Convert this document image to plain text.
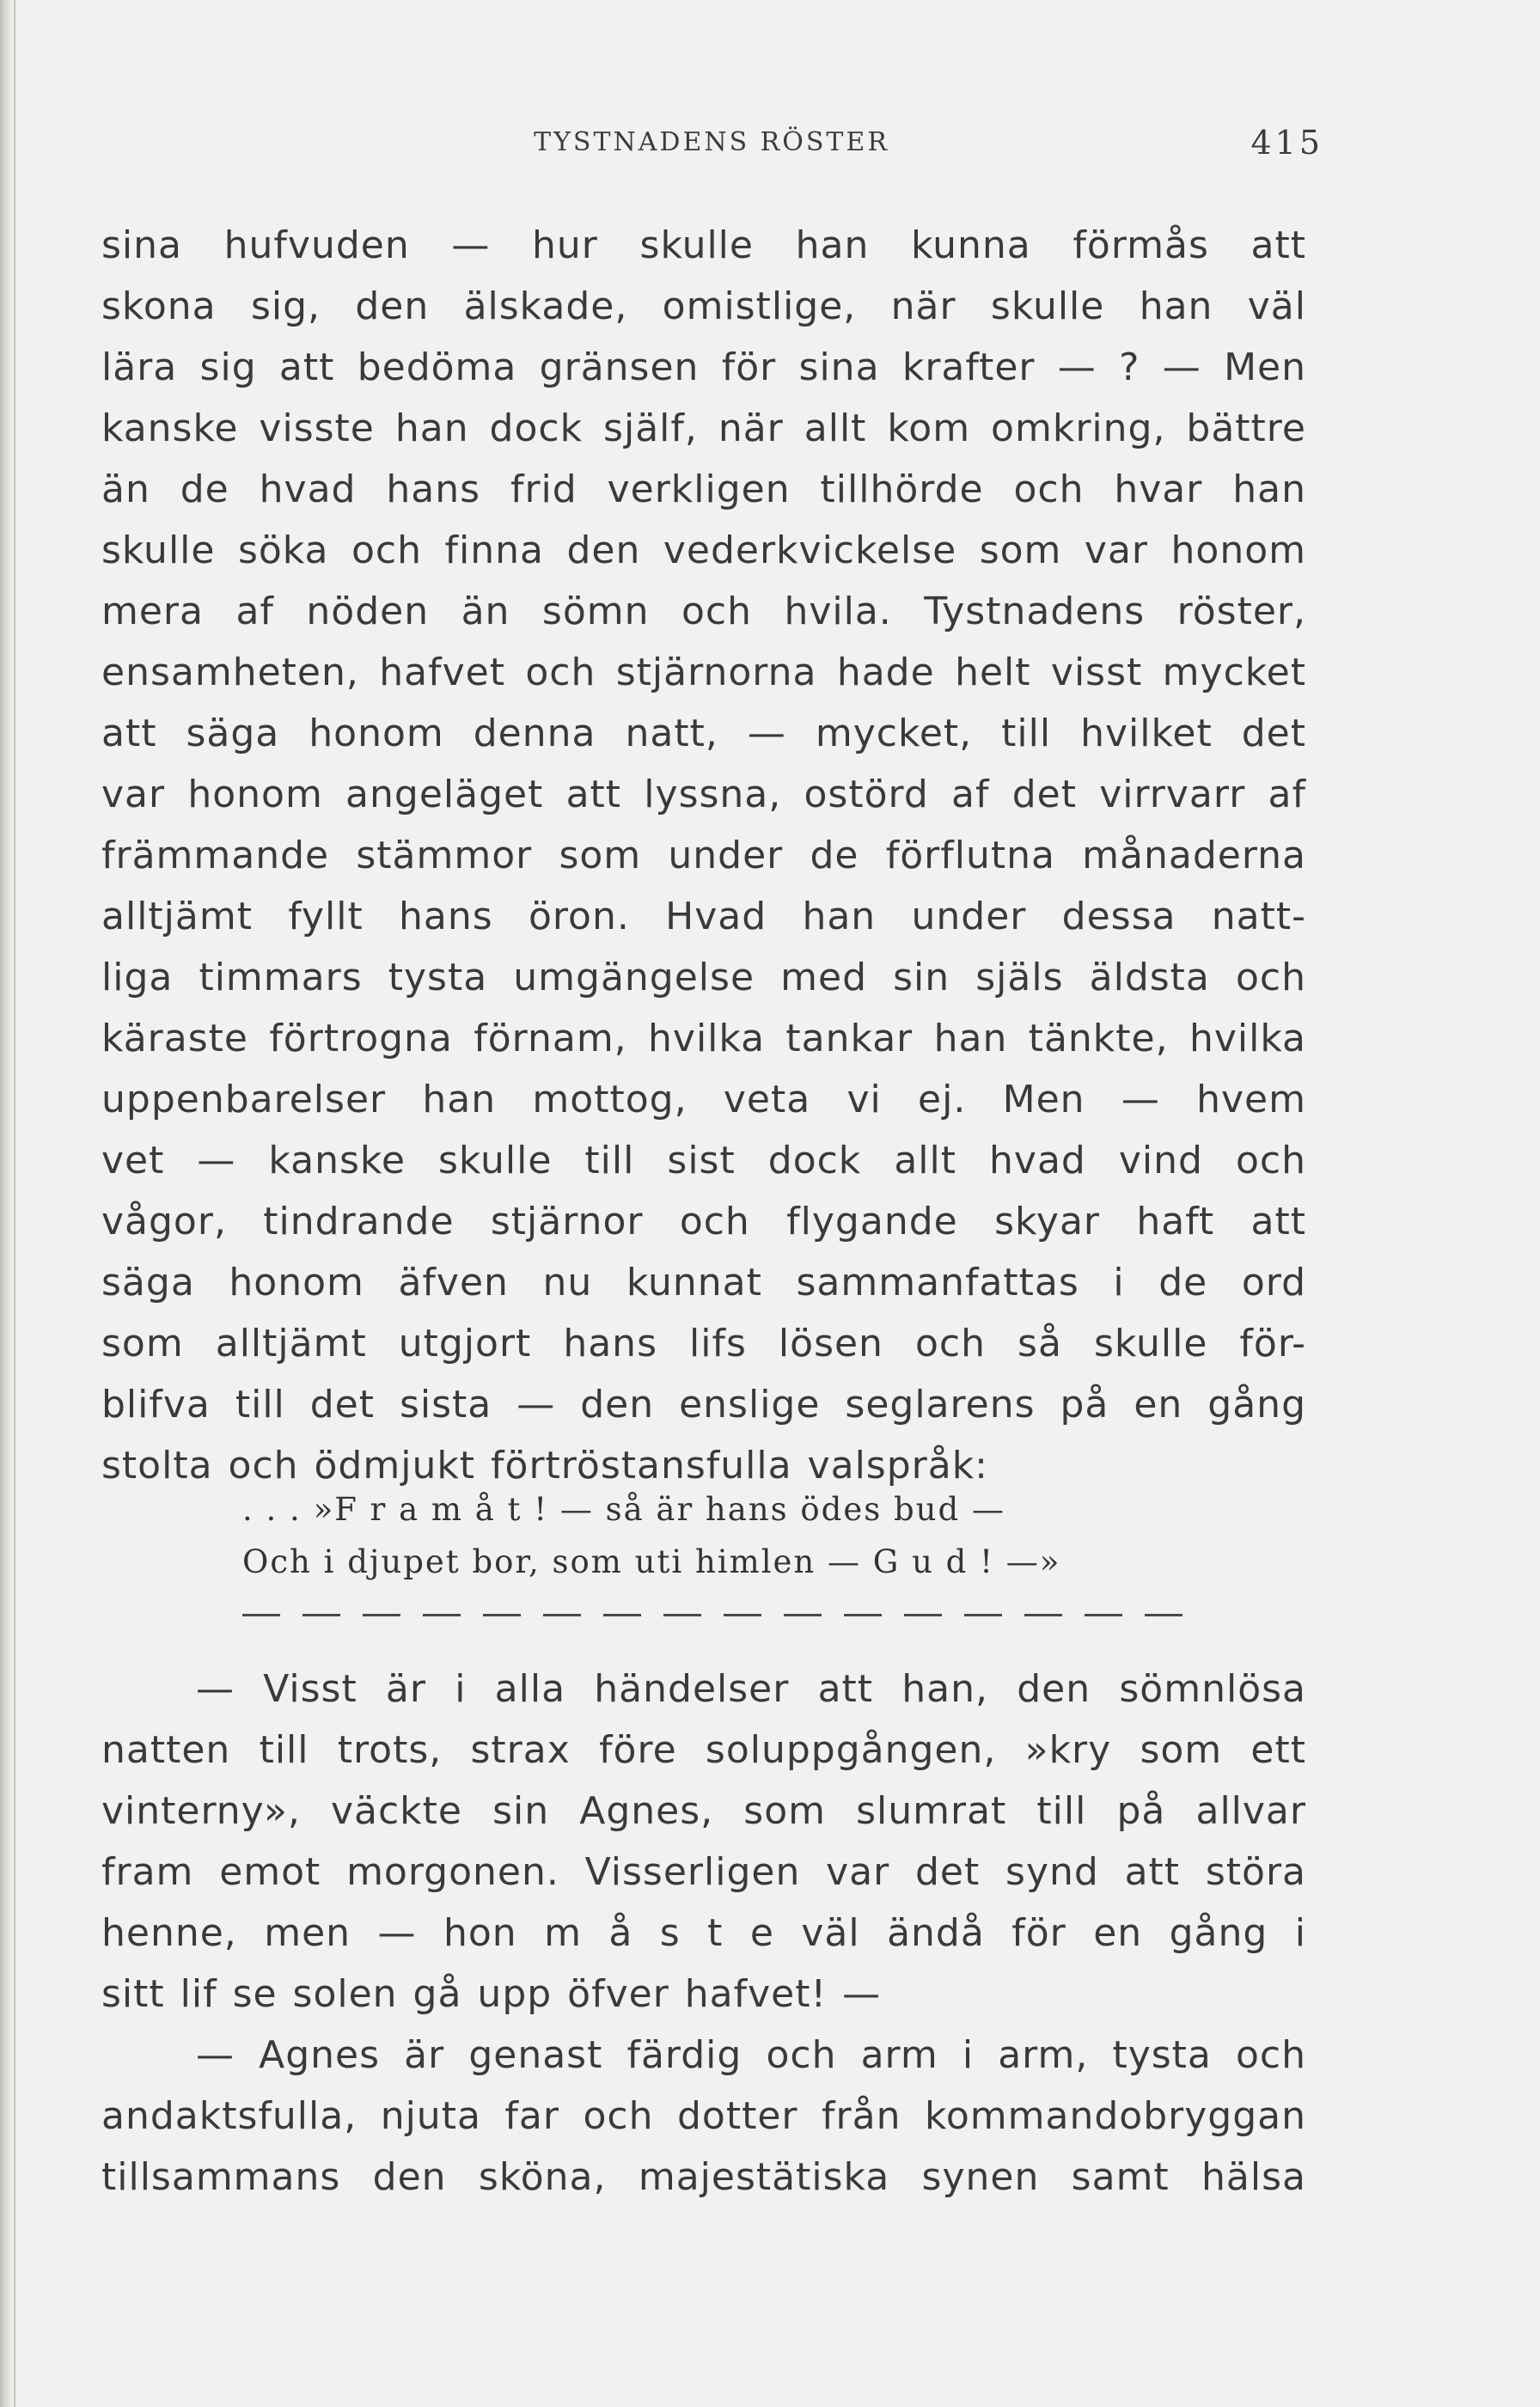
TYSTNADENS RÖSTER	415
sina hufvuden — hur skulle han kunna förmås att
skona sig, den älskade, omistlige, när skulle han väl
lära sig att bedöma gränsen för sina krafter — ? — Men
kanske visste han dock själf, när allt kom omkring, bättre
än de hvad hans frid verkligen tillhörde och hvar han
skulle söka och finna den vederkvickelse som var honom
mera af nöden än sömn och hvila. Tystnadens röster,
ensamheten, hafvet och stjärnorna hade helt visst mycket
att säga honom denna natt, — mycket, till hvilket det
var honom angeläget att lyssna, ostörd af det virrvarr af
främmande stämmor som under de förflutna månaderna
alltjämt fyllt hans öron. Hvad han under dessa natt-
liga timmars tysta umgängelse med sin själs äldsta och
käraste förtrogna förnam, hvilka tankar han tänkte, hvilka
uppenbarelser han mottog, veta vi ej. Men — hvem
vet — kanske skulle till sist dock allt hvad vind och
vågor, tindrande stjärnor och flygande skyar haft att
säga honom äfven nu kunnat sammanfattas i de ord
som alltjämt utgjort hans lifs lösen och så skulle för-
blifva till det sista — den enslige seglarens på en gång
stolta och ödmjukt förtröstansfulla valspråk:
. . . »F r a m å t ! — så är hans ödes bud —
Och i djupet bor, som uti himlen — G u d ! —»
— Visst är i alla händelser att han, den sömnlösa
natten till trots, strax före soluppgången, »kry som ett
vinterny», väckte sin Agnes, som slumrat till på allvar
fram emot morgonen. Visserligen var det synd att störa
henne, men — hon m å s t e väl ändå för en gång i
sitt lif se solen gå upp öfver hafvet! —
— Agnes är genast färdig och arm i arm, tysta och
andaktsfulla, njuta far och dotter från kommandobryggan
tillsammans den sköna, majestätiska synen samt hälsa
